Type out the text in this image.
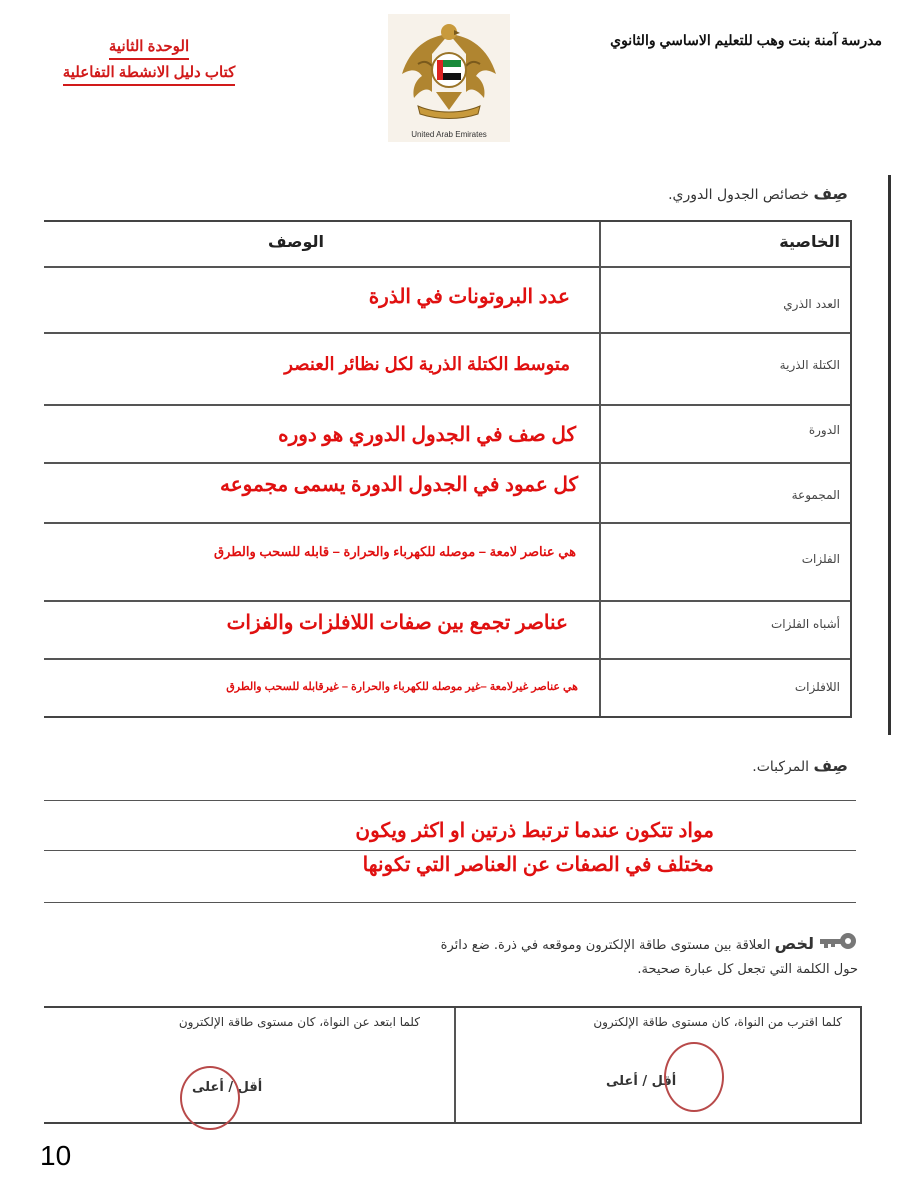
مدرسة آمنة بنت وهب للتعليم الاساسي والثانوي
الوحدة الثانية
كتاب دليل الانشطة التفاعلية
United Arab Emirates
صِف خصائص الجدول الدوري.
الخاصية
الوصف
العدد الذري
الكتلة الذرية
الدورة
المجموعة
الفلزات
أشباه الفلزات
اللافلزات
عدد البروتونات في الذرة
متوسط الكتلة الذرية لكل نظائر العنصر
كل صف في الجدول الدوري هو دوره
كل عمود في الجدول الدورة يسمى مجموعه
هي عناصر لامعة – موصله للكهرباء والحرارة – قابله للسحب والطرق
عناصر تجمع بين صفات اللافلزات والفزات
هي عناصر غيرلامعة –غير موصله للكهرباء والحرارة – غيرقابله للسحب والطرق
صِف المركبات.
مواد تتكون عندما ترتبط ذرتين او اكثر ويكون
مختلف في الصفات عن العناصر التي تكونها
لخص العلاقة بين مستوى طاقة الإلكترون وموقعه في ذرة. ضع دائرة
حول الكلمة التي تجعل كل عبارة صحيحة.
كلما اقترب من النواة، كان مستوى طاقة الإلكترون
أقل / أعلى
كلما ابتعد عن النواة، كان مستوى طاقة الإلكترون
أقل / أعلى
10
